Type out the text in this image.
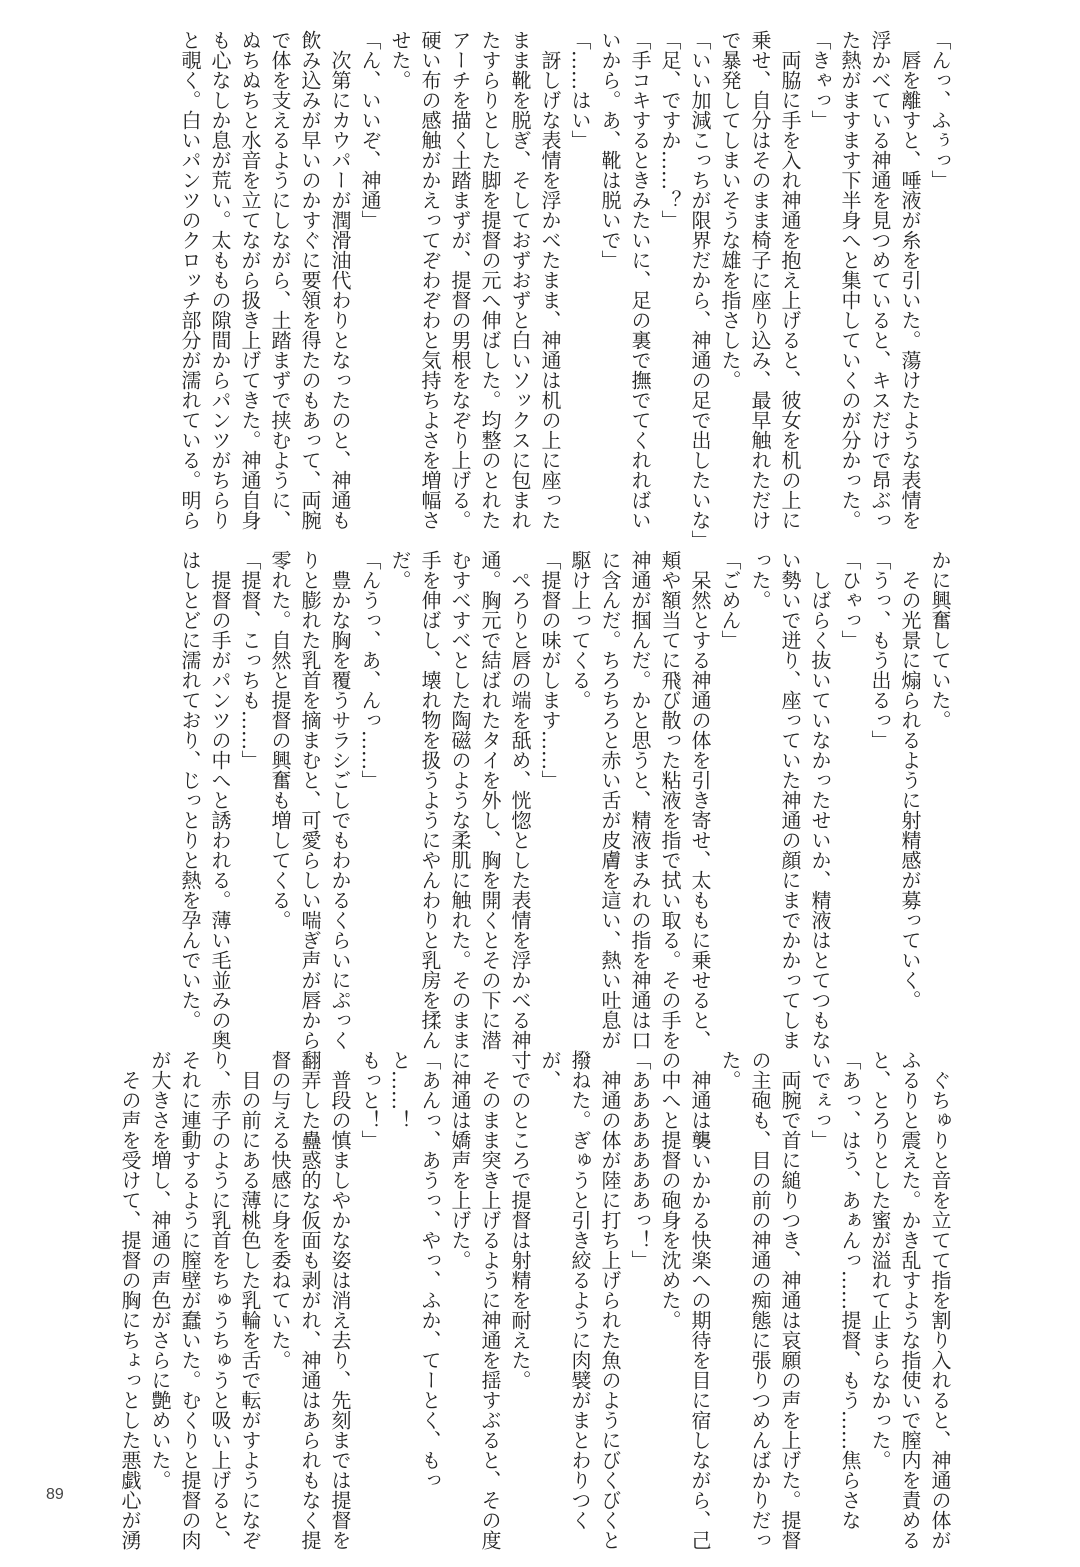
「んっ、ふぅっ」
　唇を離すと、唾液が糸を引いた。蕩けたような表情を
浮かべている神通を見つめていると、キスだけで昂ぶっ
た熱がますます下半身へと集中していくのが分かった。
「きゃっ」
　両脇に手を入れ神通を抱え上げると、彼女を机の上に
乗せ、自分はそのまま椅子に座り込み、最早触れただけ
で暴発してしまいそうな雄を指さした。
「いい加減こっちが限界だから、神通の足で出したいな」
「足、ですか……？」
「手コキするときみたいに、足の裏で撫でてくれればい
いから。あ、靴は脱いで」
「……はい」
　訝しげな表情を浮かべたまま、神通は机の上に座った
まま靴を脱ぎ、そしておずおずと白いソックスに包まれ
たすらりとした脚を提督の元へ伸ばした。均整のとれた
アーチを描く土踏まずが、提督の男根をなぞり上げる。
硬い布の感触がかえってぞわぞわと気持ちよさを増幅さ
せた。
「ん、いいぞ、神通」
　次第にカウパーが潤滑油代わりとなったのと、神通も
飲み込みが早いのかすぐに要領を得たのもあって、両腕
で体を支えるようにしながら、土踏まずで挟むように、
ぬちぬちと水音を立てながら扱き上げてきた。神通自身
も心なしか息が荒い。太ももの隙間からパンツがちらり
と覗く。白いパンツのクロッチ部分が濡れている。明ら
かに興奮していた。
　その光景に煽られるように射精感が募っていく。
「うっ、もう出るっ」
「ひゃっ」
　しばらく抜いていなかったせいか、精液はとてつもな
い勢いで迸り、座っていた神通の顔にまでかかってしま
った。
「ごめん」
　呆然とする神通の体を引き寄せ、太ももに乗せると、
頬や額当てに飛び散った粘液を指で拭い取る。その手を
神通が掴んだ。かと思うと、精液まみれの指を神通は口
に含んだ。ちろちろと赤い舌が皮膚を這い、熱い吐息が
駆け上ってくる。
「提督の味がします……」
　ぺろりと唇の端を舐め、恍惚とした表情を浮かべる神
通。胸元で結ばれたタイを外し、胸を開くとその下に潜
むすべすべとした陶磁のような柔肌に触れた。そのまま
手を伸ばし、壊れ物を扱うようにやんわりと乳房を揉ん
だ。
「んうっ、あ、んっ……」
　豊かな胸を覆うサラシごしでもわかるくらいにぷっく
りと膨れた乳首を摘まむと、可愛らしい喘ぎ声が唇から
零れた。自然と提督の興奮も増してくる。
「提督、こっちも……」
　提督の手がパンツの中へと誘われる。薄い毛並みの奥
はしとどに濡れており、じっとりと熱を孕んでいた。
　ぐちゅりと音を立てて指を割り入れると、神通の体が
ふるりと震えた。かき乱すような指使いで膣内を責める
と、とろりとした蜜が溢れて止まらなかった。
「あっ、はう、あぁんっ……提督、もう……焦らさな
いでぇっ」
　両腕で首に縋りつき、神通は哀願の声を上げた。提督
の主砲も、目の前の神通の痴態に張りつめんばかりだっ
た。
　神通は襲いかかる快楽への期待を目に宿しながら、己
の中へと提督の砲身を沈めた。
「あああああああっ！」
　神通の体が陸に打ち上げられた魚のようにびくびくと
撥ねた。ぎゅうと引き絞るように肉襞がまとわりつくが、
寸でのところで提督は射精を耐えた。
　そのまま突き上げるように神通を揺すぶると、その度
に神通は嬌声を上げた。
「あんっ、あうっ、やっ、ふか、てーとく、もっと……！
もっと！」
　普段の慎ましやかな姿は消え去り、先刻までは提督を
翻弄した蠱惑的な仮面も剥がれ、神通はあられもなく提
督の与える快感に身を委ねていた。
　目の前にある薄桃色した乳輪を舌で転がすようになぞ
り、赤子のように乳首をちゅうちゅうと吸い上げると、
それに連動するように膣壁が蠢いた。むくりと提督の肉
が大きさを増し、神通の声色がさらに艶めいた。
　その声を受けて、提督の胸にちょっとした悪戯心が湧
89
